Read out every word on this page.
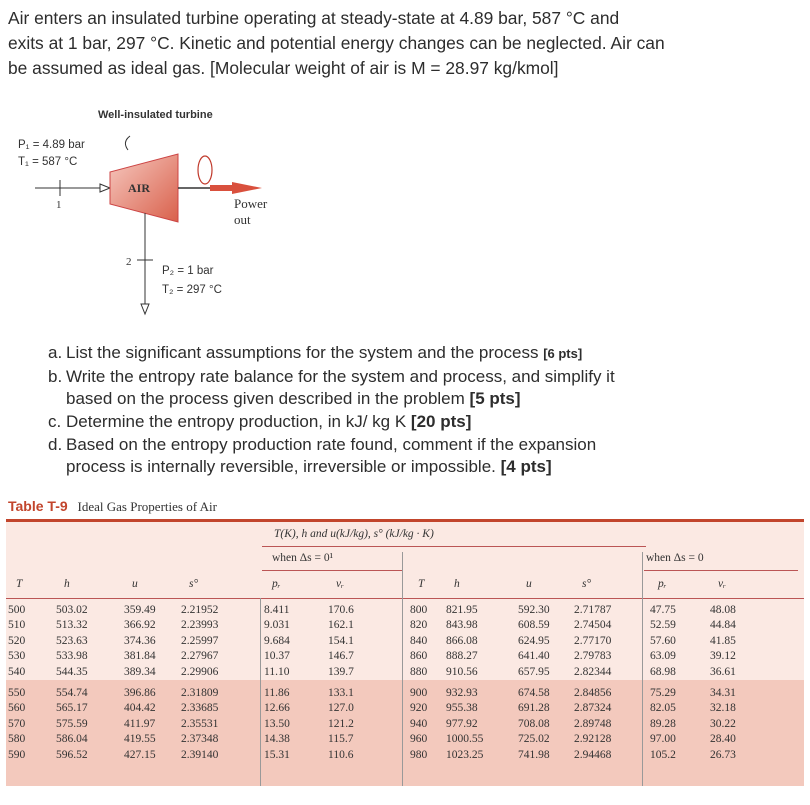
Air enters an insulated turbine operating at steady-state at 4.89 bar, 587 °C and

exits at 1 bar, 297 °C. Kinetic and potential energy changes can be neglected. Air can

be assumed as ideal gas. [Molecular weight of air is M = 28.97 kg/kmol]

Well-insulated turbine
P₁ = 4.89 bar
T₁ = 587 °C
1
AIR
Power
out
2
P₂ = 1 bar
T₂ = 297 °C
a. List the significant assumptions for the system and the process [6 pts]
b. Write the entropy rate balance for the system and process, and simplify it
based on the process given described in the problem [5 pts]
c. Determine the entropy production, in kJ/ kg K [20 pts]
d. Based on the entropy production rate found, comment if the expansion
process is internally reversible, irreversible or impossible. [4 pts]
Table T-9 Ideal Gas Properties of Air
T(K), h and u(kJ/kg), s° (kJ/kg · K)
when Δs = 0¹	when Δs = 0
T	h	u	s°	pᵣ	vᵣ	T	h	u	s°	pᵣ	vᵣ
500	503.02	359.49 2.21952	8.411	170.6	800 821.95	592.30 2.71787	47.75	48.08
510	513.32	366.92 2.23993	9.031	162.1	820 843.98	608.59 2.74504	52.59	44.84
520	523.63	374.36 2.25997	9.684	154.1	840 866.08	624.95 2.77170	57.60	41.85
530	533.98	381.84 2.27967	10.37	146.7	860 888.27	641.40 2.79783	63.09	39.12
540	544.35	389.34 2.29906	11.10	139.7	880 910.56	657.95 2.82344	68.98	36.61
550	554.74	396.86 2.31809	11.86	133.1	900 932.93	674.58 2.84856	75.29	34.31
560	565.17	404.42 2.33685	12.66	127.0	920 955.38	691.28 2.87324	82.05	32.18
570	575.59	411.97 2.35531	13.50	121.2	940 977.92	708.08 2.89748	89.28	30.22
580	586.04	419.55 2.37348	14.38	115.7	960 1000.55	725.02 2.92128	97.00	28.40
590	596.52	427.15 2.39140	15.31	110.6	980 1023.25	741.98 2.94468	105.2	26.73
